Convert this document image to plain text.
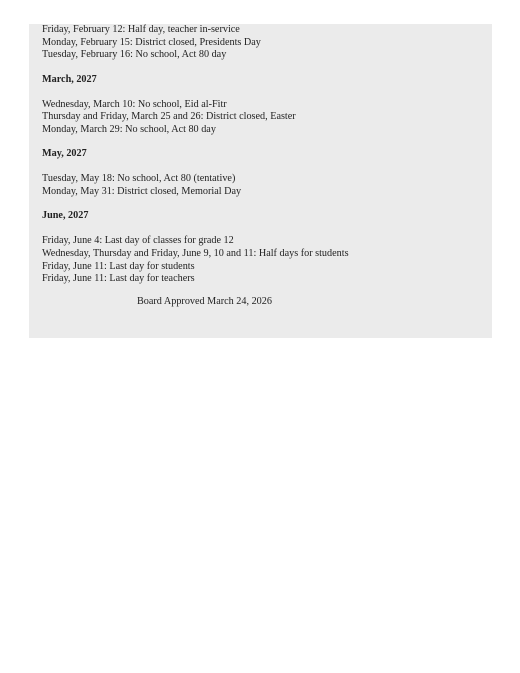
Friday, February 12: Half day, teacher in-service
Monday, February 15: District closed, Presidents Day
Tuesday, February 16: No school, Act 80 day
March, 2027
Wednesday, March 10: No school, Eid al-Fitr
Thursday and Friday, March 25 and 26: District closed, Easter
Monday, March 29: No school, Act 80 day
May, 2027
Tuesday, May 18: No school, Act 80 (tentative)
Monday, May 31: District closed, Memorial Day
June, 2027
Friday, June 4: Last day of classes for grade 12
Wednesday, Thursday and Friday, June 9, 10 and 11: Half days for students
Friday, June 11: Last day for students
Friday, June 11: Last day for teachers
Board Approved March 24, 2026
